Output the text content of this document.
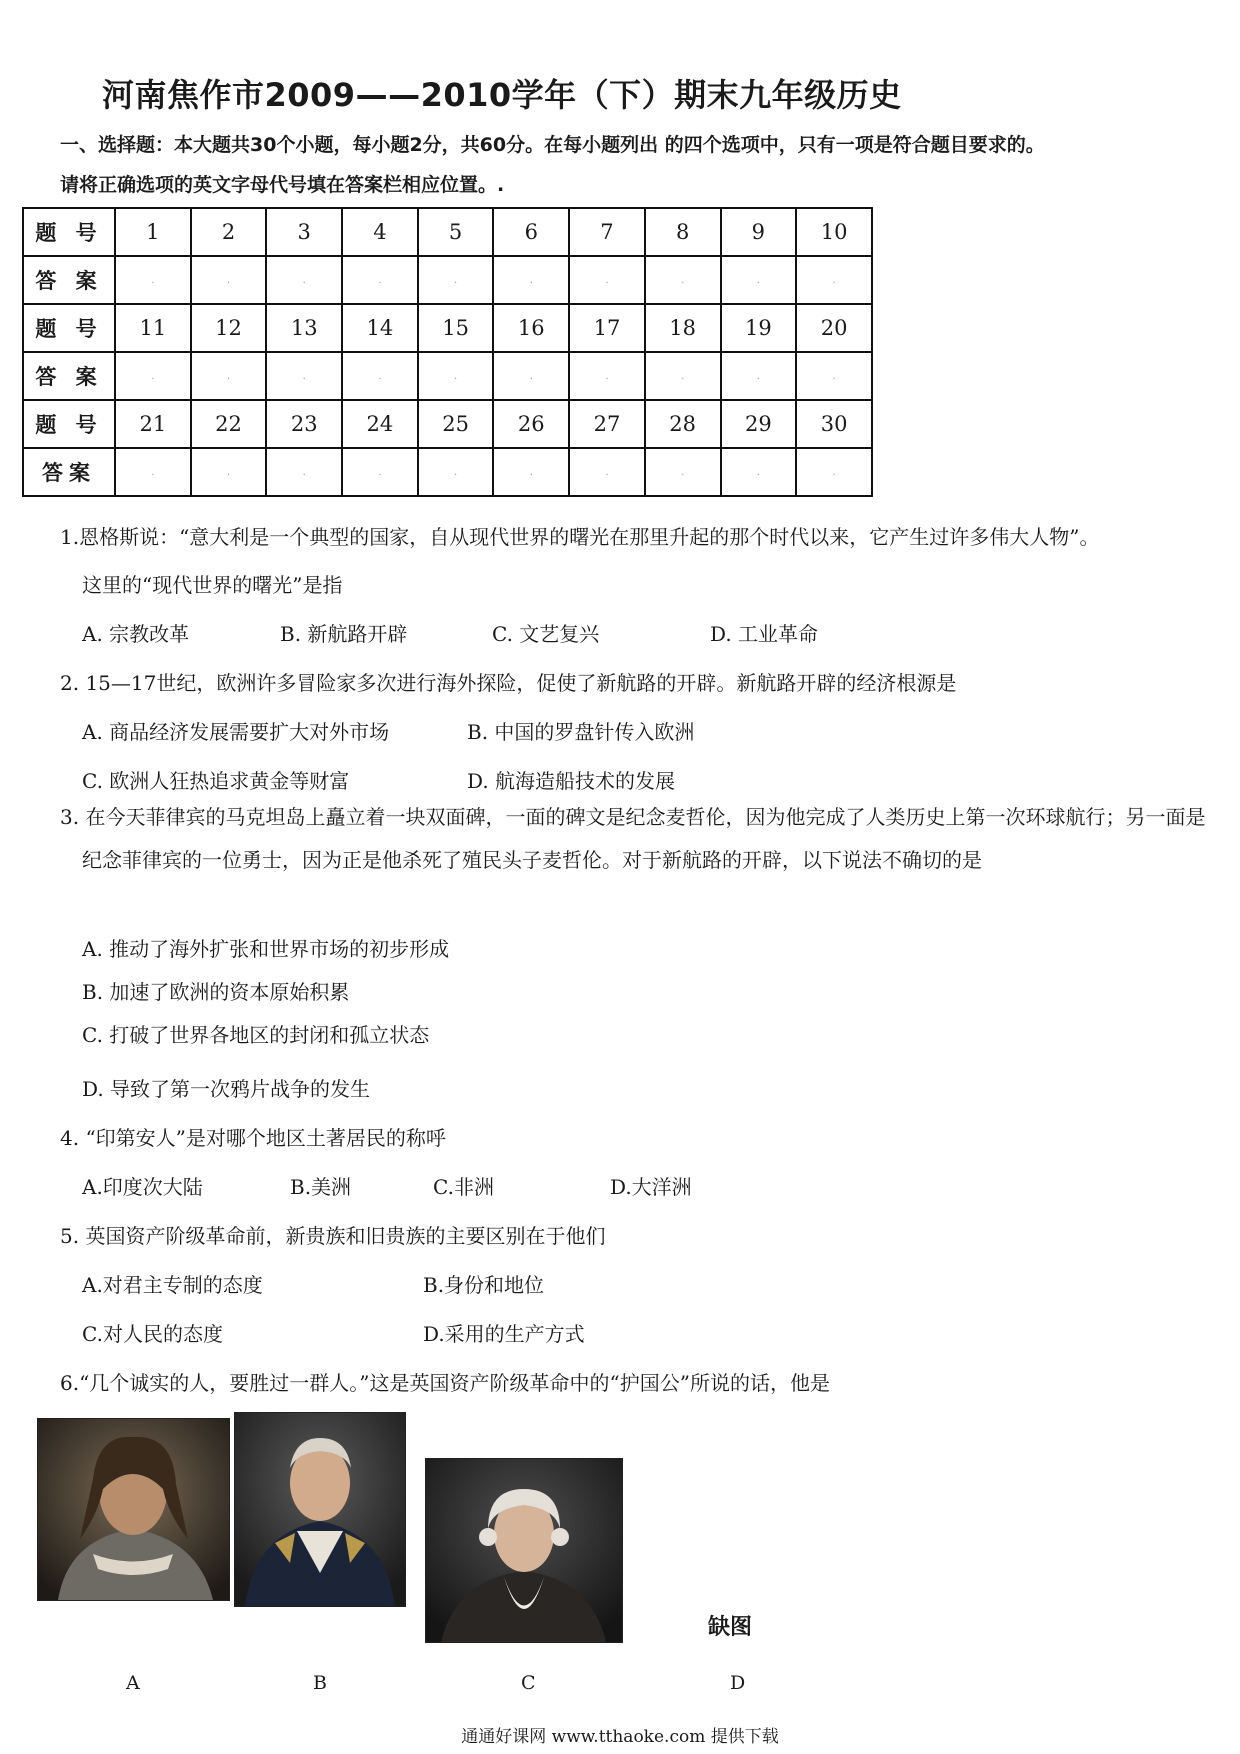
河南焦作市2009——2010学年（下）期末九年级历史
一、选择题：本大题共30个小题，每小题2分，共60分。在每小题列出 的四个选项中，只有一项是符合题目要求的。
请将正确选项的英文字母代号填在答案栏相应位置。.
题 号	1	2	3	4	5	6	7	8	9	10
答 案	.	.	.	.	.	.	.	.	.	.
题 号	11	12	13	14	15	16	17	18	19	20
答 案	.	.	.	.	.	.	.	.	.	.
题 号	21	22	23	24	25	26	27	28	29	30
答案	.	.	.	.	.	.	.	.	.	.
1.恩格斯说：“意大利是一个典型的国家，自从现代世界的曙光在那里升起的那个时代以来，它产生过许多伟大人物”。
这里的“现代世界的曙光”是指
A. 宗教改革	B. 新航路开辟	C. 文艺复兴	D. 工业革命
2. 15—17世纪，欧洲许多冒险家多次进行海外探险，促使了新航路的开辟。新航路开辟的经济根源是
A. 商品经济发展需要扩大对外市场	B. 中国的罗盘针传入欧洲
C. 欧洲人狂热追求黄金等财富	D. 航海造船技术的发展
3. 在今天菲律宾的马克坦岛上矗立着一块双面碑，一面的碑文是纪念麦哲伦，因为他完成了人类历史上第一次环球航行；另一面是纪念菲律宾的一位勇士，因为正是他杀死了殖民头子麦哲伦。对于新航路的开辟，以下说法不确切的是
A. 推动了海外扩张和世界市场的初步形成
B. 加速了欧洲的资本原始积累
C. 打破了世界各地区的封闭和孤立状态
D. 导致了第一次鸦片战争的发生
4. “印第安人”是对哪个地区土著居民的称呼
A.印度次大陆	B.美洲	C.非洲	D.大洋洲
5. 英国资产阶级革命前，新贵族和旧贵族的主要区别在于他们
A.对君主专制的态度	B.身份和地位
C.对人民的态度	D.采用的生产方式
6.“几个诚实的人，要胜过一群人。”这是英国资产阶级革命中的“护国公”所说的话，他是
缺图
A	B	C	D
通通好课网 www.tthaoke.com 提供下载
